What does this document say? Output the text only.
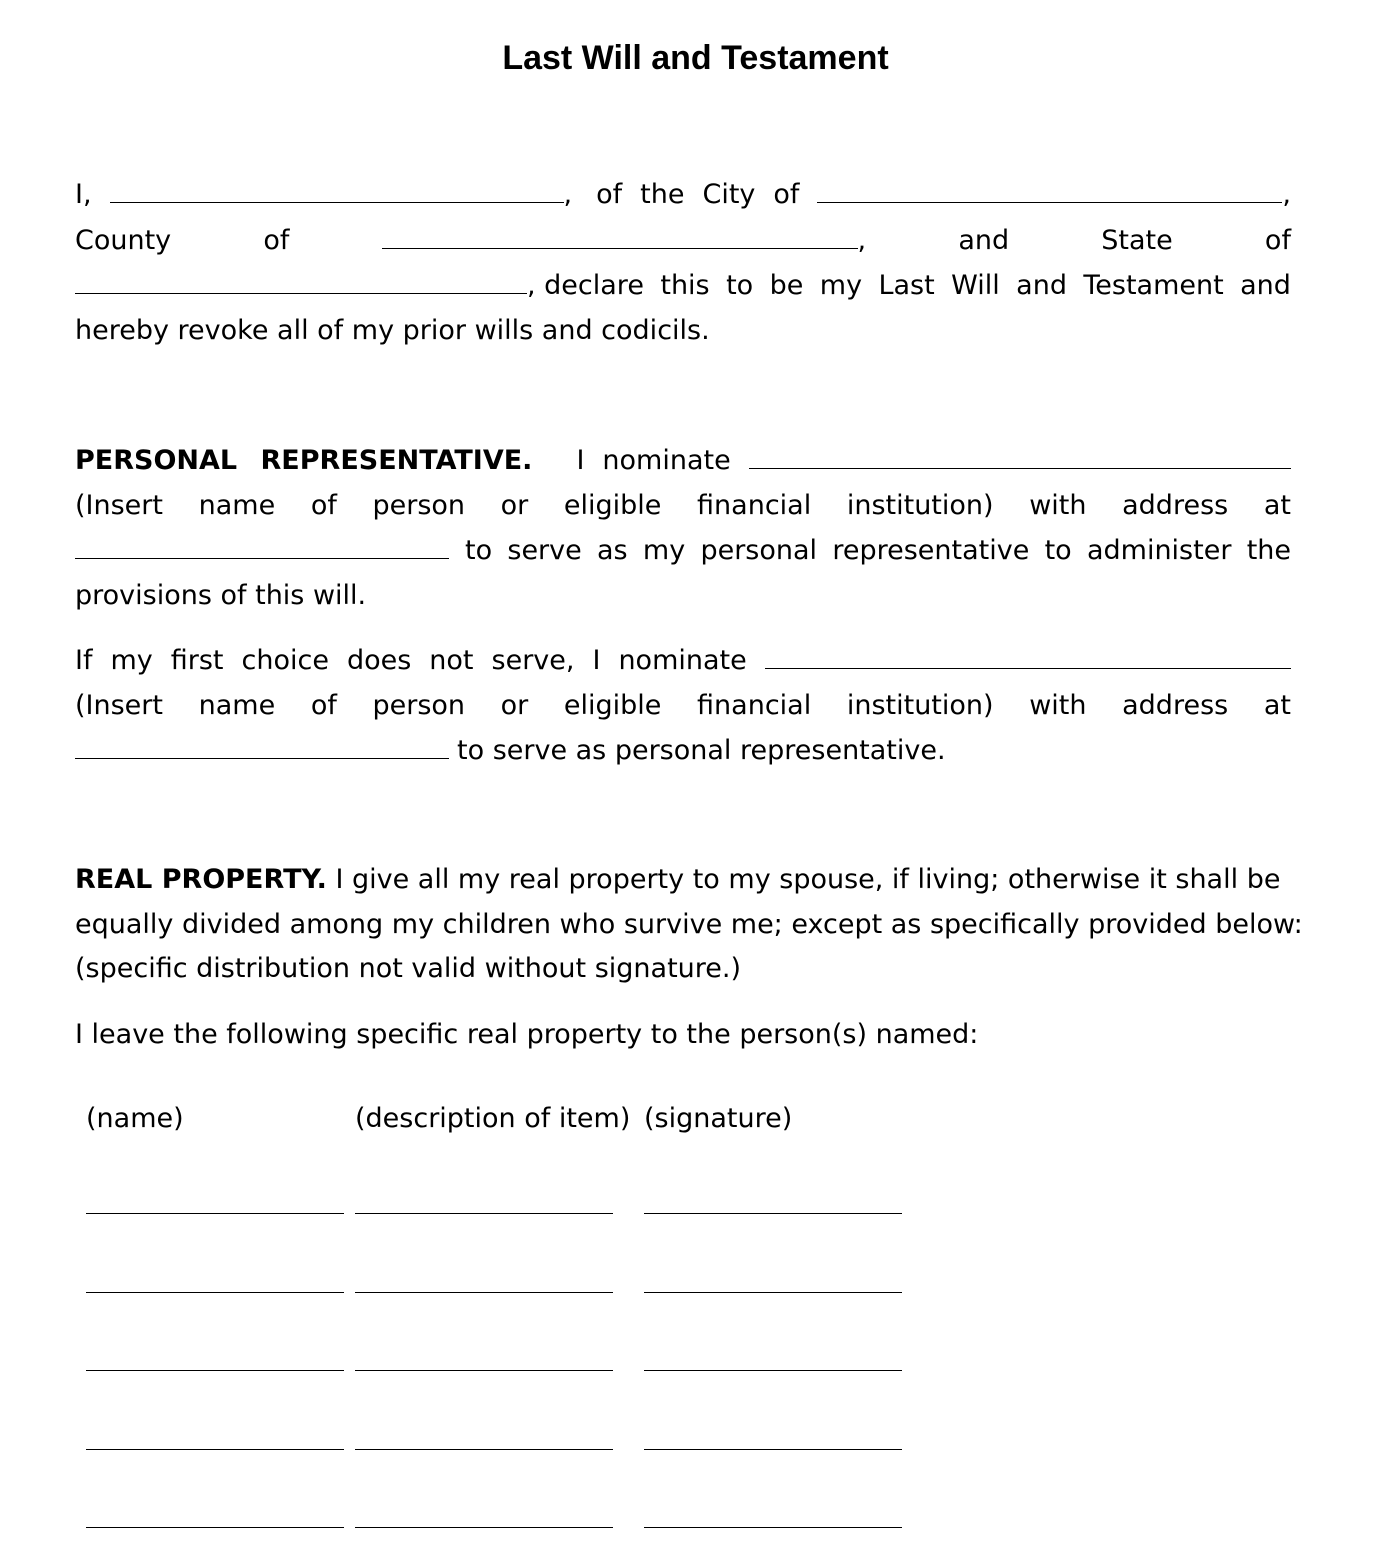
Last Will and Testament
I,	, of the City of	,
County	of	,	and	State	of
, declare this to be my Last Will and Testament and
hereby revoke all of my prior wills and codicils.
PERSONAL REPRESENTATIVE. I nominate
(Insert name of person or eligible financial institution) with address at
to serve as my personal representative to administer the
provisions of this will.
If my first choice does not serve, I nominate
(Insert name of person or eligible financial institution) with address at
to serve as personal representative.
REAL PROPERTY. I give all my real property to my spouse, if living; otherwise it shall be
equally divided among my children who survive me; except as specifically provided below:
(specific distribution not valid without signature.)
I leave the following specific real property to the person(s) named:
(name)	(description of item) (signature)
